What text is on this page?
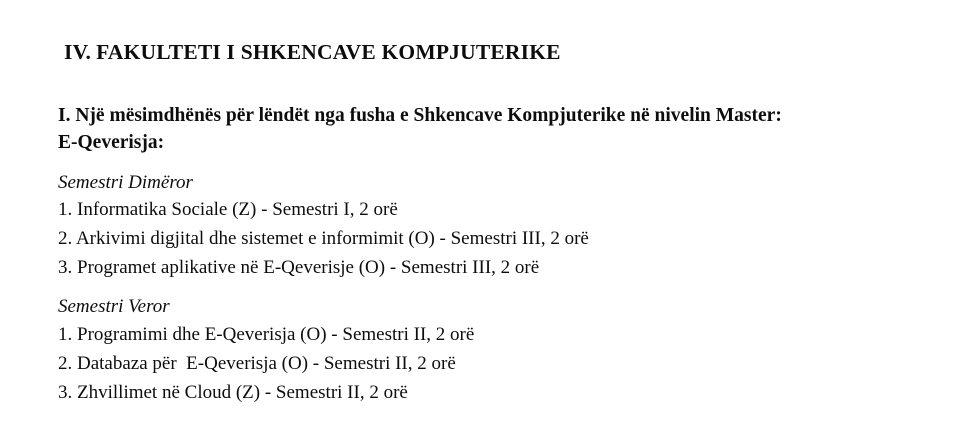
IV. FAKULTETI I SHKENCAVE KOMPJUTERIKE
I. Një mësimdhënës për lëndët nga fusha e Shkencave Kompjuterike në nivelin Master:
E-Qeverisja:

Semestri Dimëror

1. Informatika Sociale (Z) - Semestri I, 2 orë
2. Arkivimi digjital dhe sistemet e informimit (O) - Semestri III, 2 orë
3. Programet aplikative në E-Qeverisje (O) - Semestri III, 2 orë

Semestri Veror

1. Programimi dhe E-Qeverisja (O) - Semestri II, 2 orë
2. Databaza për  E-Qeverisja (O) - Semestri II, 2 orë
3. Zhvillimet në Cloud (Z) - Semestri II, 2 orë
